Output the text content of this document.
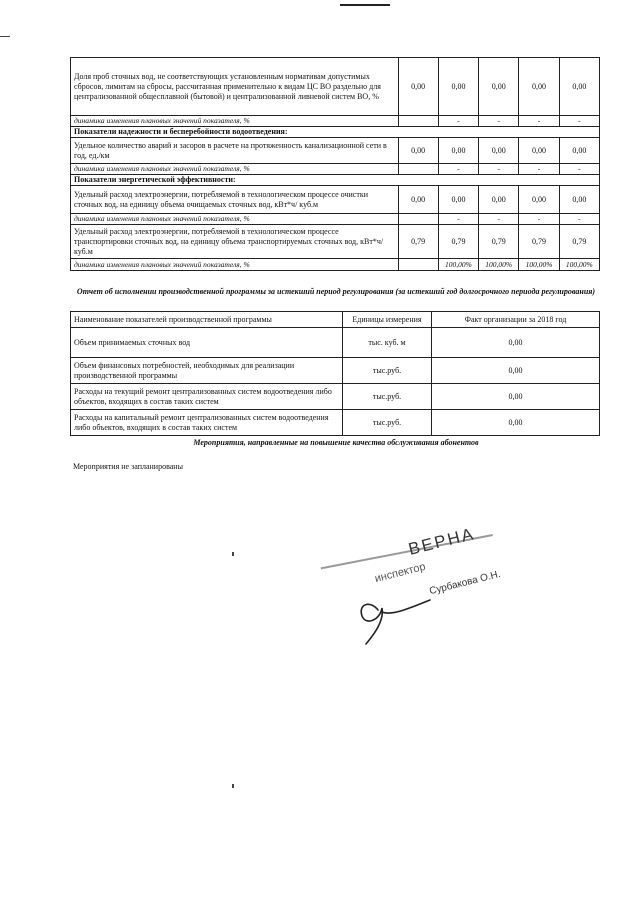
Доля проб сточных вод, не соответствующих установленным нормативам допустимых сбросов, лимитам на сбросы, рассчитанная применительно к видам ЦС ВО раздельно для централизованной общесплавной (бытовой) и централизованной ливневой систем ВО, %	0,00	0,00	0,00	0,00	0,00
динамика изменения плановых значений показателя, %		-	-	-	-
Показатели надежности и бесперебойности водоотведения:					
Удельное количество аварий и засоров в расчете на протяженность канализационной сети в год, ед./км	0,00	0,00	0,00	0,00	0,00
динамика изменения плановых значений показателя, %		-	-	-	-
Показатели энергетической эффективности:					
Удельный расход электроэнергии, потребляемой в технологическом процессе очистки сточных вод, на единицу объема очищаемых сточных вод, кВт*ч/ куб.м	0,00	0,00	0,00	0,00	0,00
динамика изменения плановых значений показателя, %		-	-	-	-
Удельный расход электроэнергии, потребляемой в технологическом процессе транспортировки сточных вод, на единицу объема транспортируемых сточных вод, кВт*ч/ куб.м	0,79	0,79	0,79	0,79	0,79
динамика изменения плановых значений показателя, %		100,00%	100,00%	100,00%	100,00%
Отчет об исполнении производственной программы за истекший период регулирования (за истекший год долгосрочного периода регулирования)
Наименование показателей производственной программы	Единицы измерения	Факт организации за 2018 год
Объем принимаемых сточных вод	тыс. куб. м	0,00
Объем финансовых потребностей, необходимых для реализации производственной программы	тыс.руб.	0,00
Расходы на текущий ремонт централизованных систем водоотведения либо объектов, входящих в состав таких систем	тыс.руб.	0,00
Расходы на капитальный ремонт централизованных систем водоотведения либо объектов, входящих в состав таких систем	тыс.руб.	0,00
Мероприятия, направленные на повышение качества обслуживания абонентов
Мероприятия не запланированы
ВЕРНА
инспектор Сурбакова О.Н.
